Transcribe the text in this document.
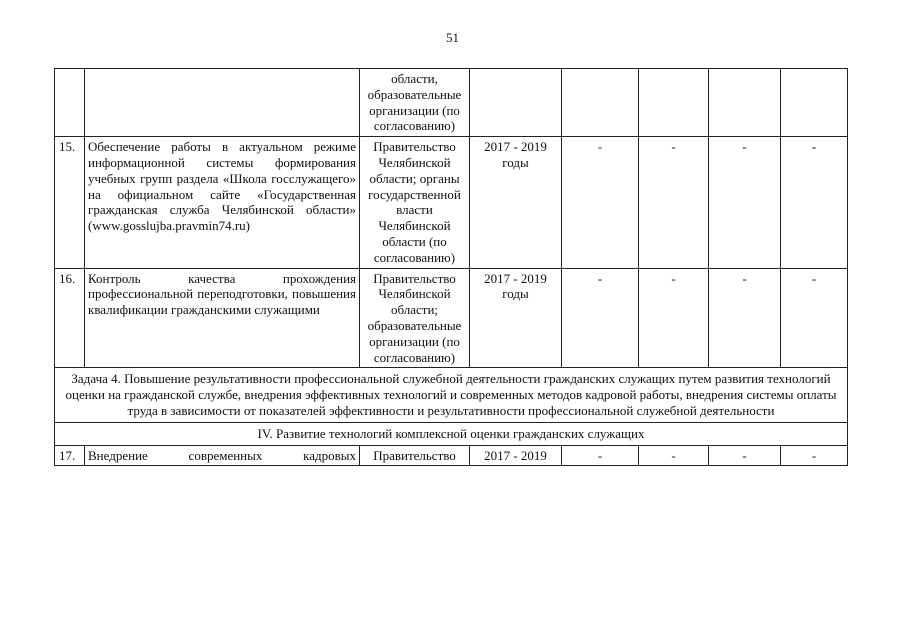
51
		области, образовательные организации (по согласованию)					
15.	Обеспечение работы в актуальном режиме информационной системы формирования учебных групп раздела «Школа госслужащего» на официальном сайте «Государственная гражданская служба Челябинской области» (www.gosslujba.pravmin74.ru)	Правительство Челябинской области; органы государственной власти Челябинской области (по согласованию)	2017 - 2019 годы	-	-	-	-
16.	Контроль качества прохождения профессиональной переподготовки, повышения квалификации гражданскими служащими	Правительство Челябинской области; образовательные организации (по согласованию)	2017 - 2019 годы	-	-	-	-
Задача 4. Повышение результативности профессиональной служебной деятельности гражданских служащих путем развития технологий оценки на гражданской службе, внедрения эффективных технологий и современных методов кадровой работы, внедрения системы оплаты труда в зависимости от показателей эффективности и результативности профессиональной служебной деятельности							
IV. Развитие технологий комплексной оценки гражданских служащих							
17.	Внедрение современных кадровых	Правительство	2017 - 2019	-	-	-	-
